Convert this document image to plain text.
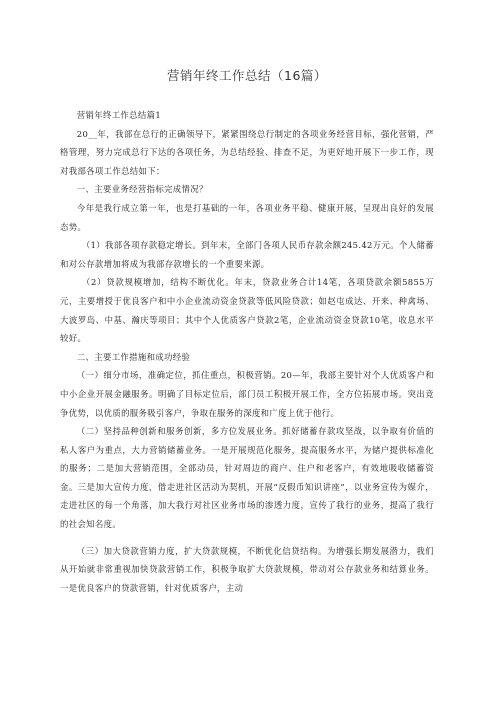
营销年终工作总结（16篇）

营销年终工作总结篇1

20__年，我部在总行的正确领导下，紧紧围绕总行制定的各项业务经营目标，强化营销，严格管理，努力完成总行下达的各项任务，为总结经验、排查不足，为更好地开展下一步工作，现对我部各项工作总结如下：

一、主要业务经营指标完成情况？

今年是我行成立第一年，也是打基础的一年，各项业务平稳、健康开展，呈现出良好的发展态势。

（1）我部各项存款稳定增长。到年末，全部门各项人民币存款余额245.42万元。个人储蓄和对公存款增加将成为我部存款增长的一个重要来源。

（2）贷款规模增加，结构不断优化。年末，贷款业务合计14笔，各项贷款余额5855万元，主要增授于优良客户和中小企业流动资金贷款等低风险贷款；如赵屯成达、开来、种禽场、大波罗岛、中基、瀚庆等项目；其中个人优质客户贷款2笔，企业流动资金贷款10笔，收息水平较好。

二、主要工作措施和成功经验

（一）细分市场，准确定位，抓住重点，积极营销。20—年，我部主要针对个人优质客户和中小企业开展金融服务。明确了目标定位后，部门员工积极开展工作，全方位拓展市场。突出竞争优势，以优质的服务吸引客户，争取在服务的深度和广度上优于他行。

（二）坚持品种创新和服务创新，多方位发展业务。抓好储蓄存款攻坚战，以争取有价值的私人客户为重点，大力营销储蓄业务。一是开展规范化服务，提高服务水平，为储户提供标准化的服务；二是加大营销范围，全部动员，针对周边的商户、住户和老客户，有效地吸收储蓄资金。三是加大宣传力度，借走进社区活动为契机，开展“反假币知识讲座”，以业务宣传为媒介，走进社区的每一个角落，加大我行对社区业务市场的渗透力度，宣传了我行的业务，提高了我行的社会知名度。

（三）加大贷款营销力度，扩大贷款规模，不断优化信贷结构。为增强长期发展潜力，我们从开始就非常重视加快贷款营销工作，积极争取扩大贷款规模，带动对公存款业务和结算业务。一是优良客户的贷款营销，针对优质客户，主动
